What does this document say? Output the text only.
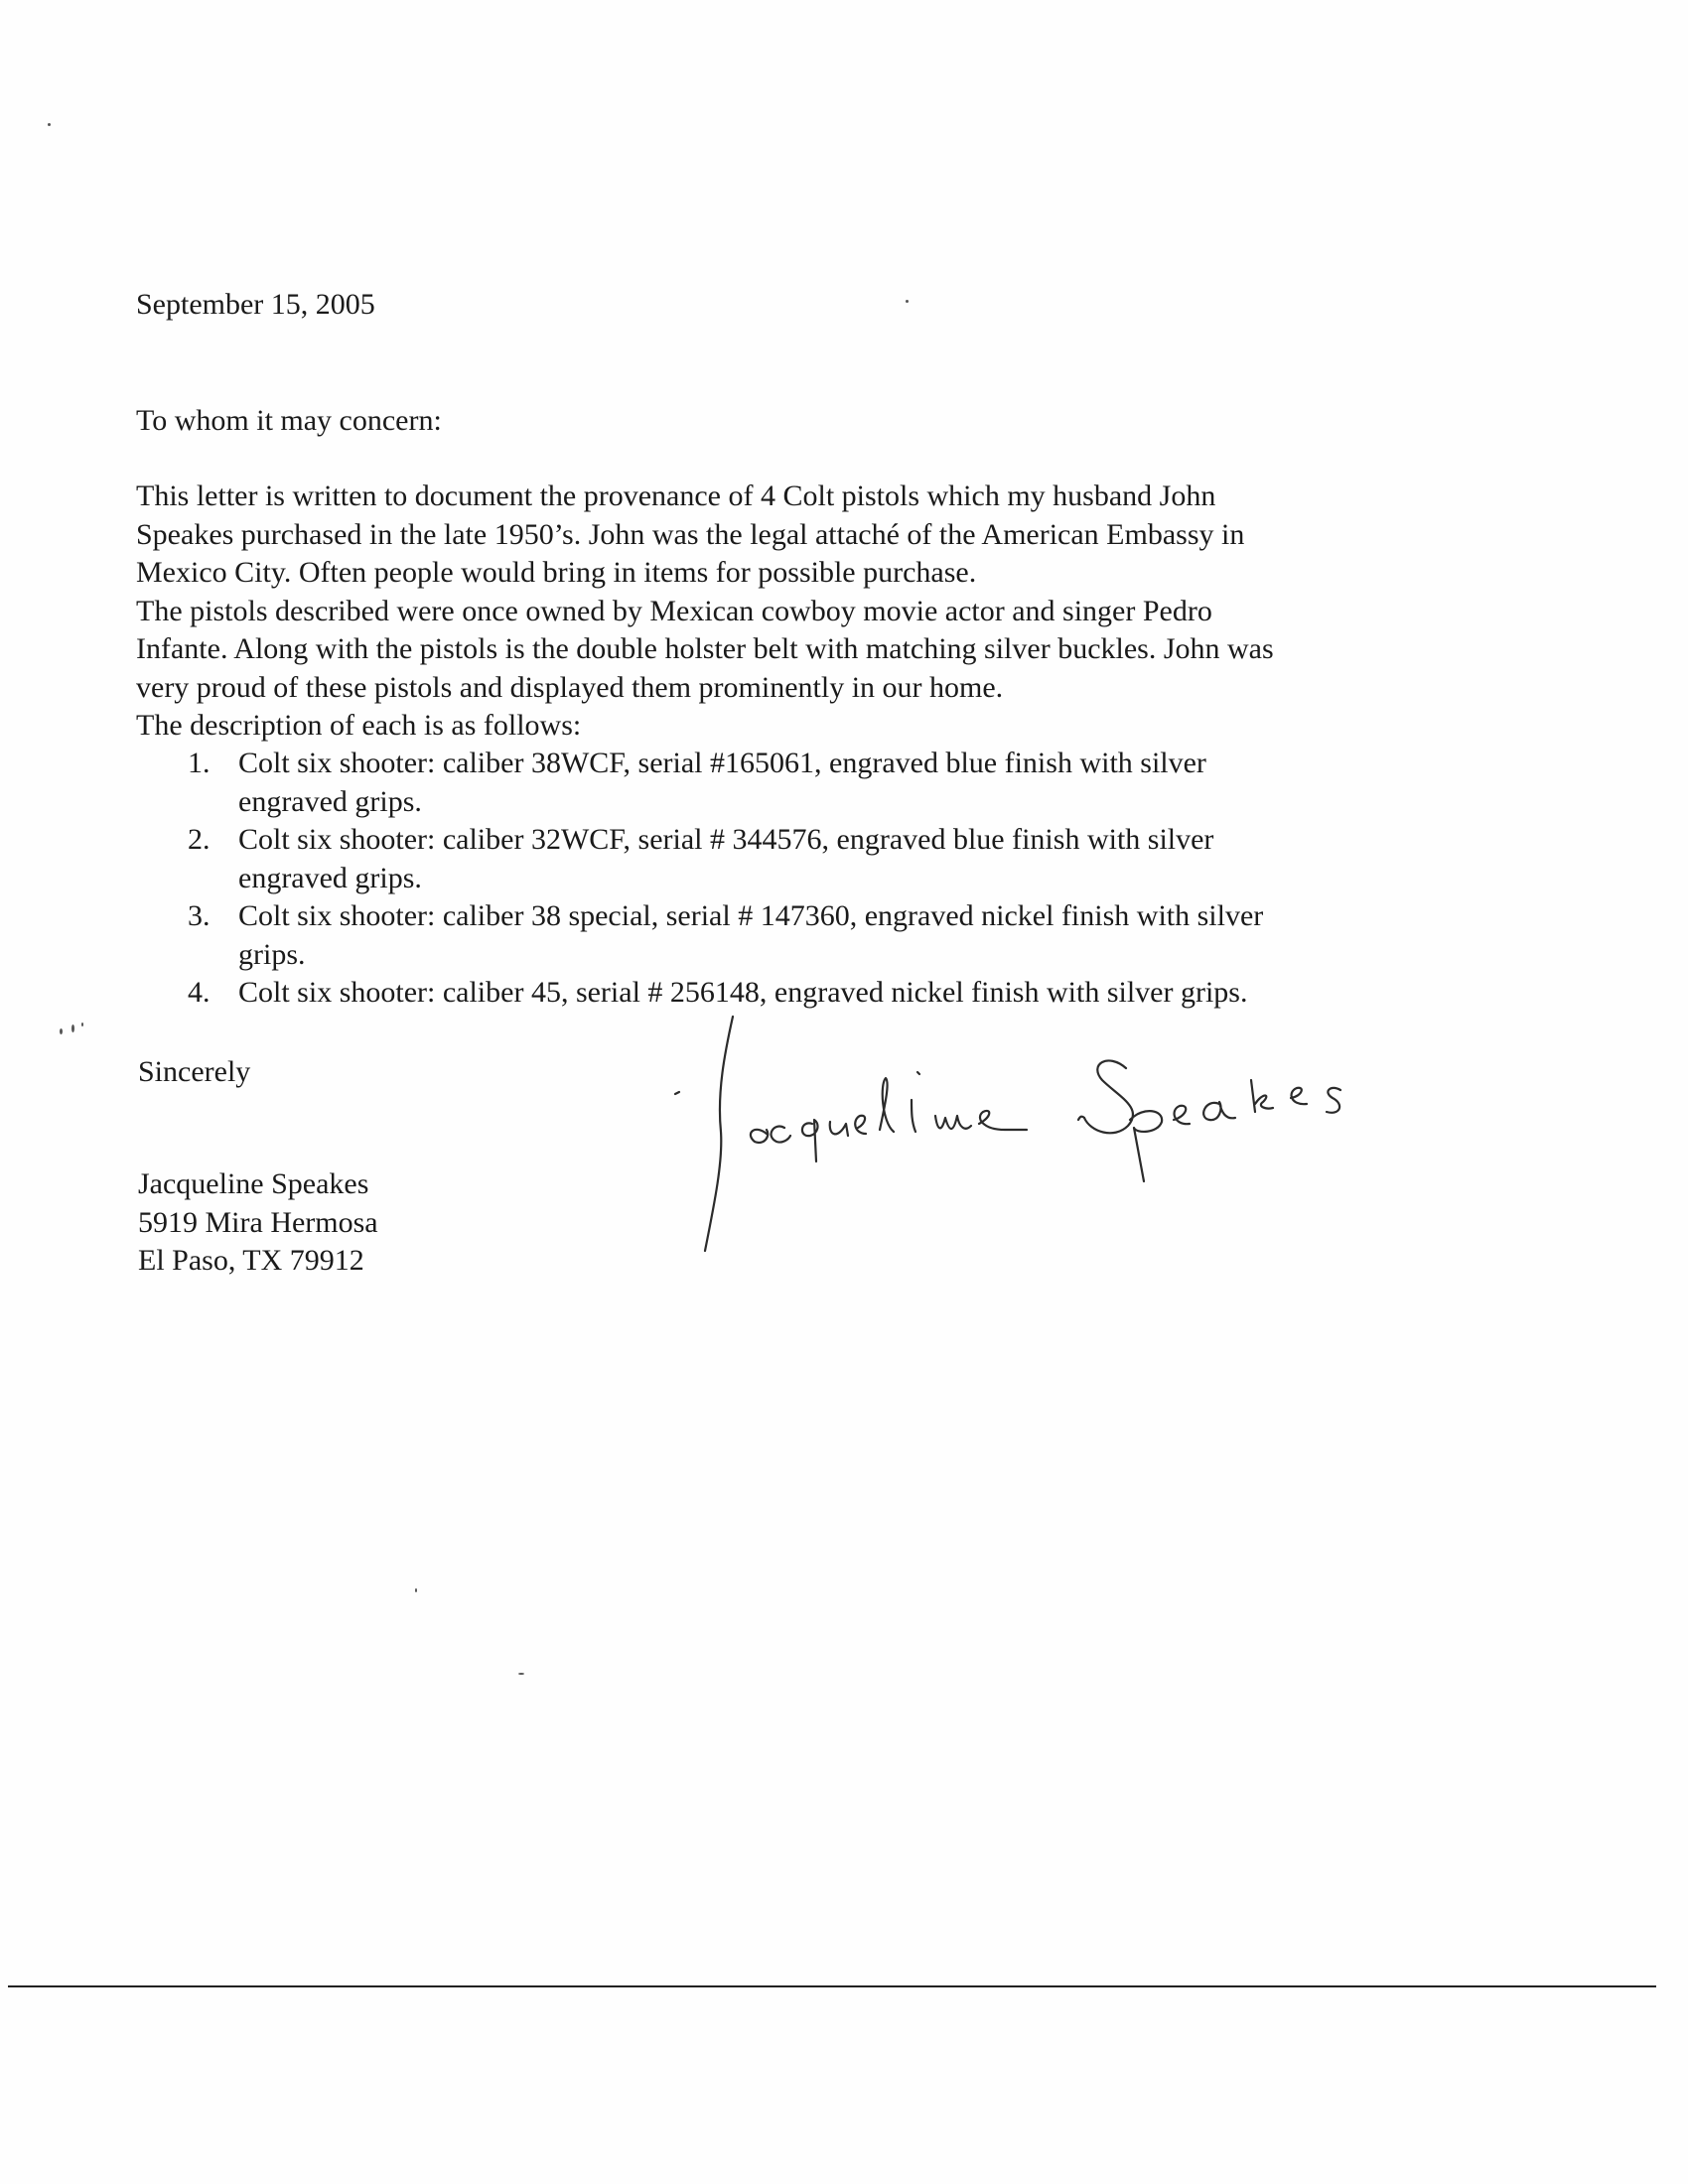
September 15, 2005
To whom it may concern:

This letter is written to document the provenance of 4 Colt pistols which my husband John

Speakes purchased in the late 1950’s. John was the legal attaché of the American Embassy in

Mexico City. Often people would bring in items for possible purchase.

The pistols described were once owned by Mexican cowboy movie actor and singer Pedro

Infante. Along with the pistols is the double holster belt with matching silver buckles. John was

very proud of these pistols and displayed them prominently in our home.

The description of each is as follows:

1. Colt six shooter: caliber 38WCF, serial #165061, engraved blue finish with silver
engraved grips.
2. Colt six shooter: caliber 32WCF, serial # 344576, engraved blue finish with silver
engraved grips.
3. Colt six shooter: caliber 38 special, serial # 147360, engraved nickel finish with silver
grips.
4. Colt six shooter: caliber 45, serial # 256148, engraved nickel finish with silver grips.
Sincerely
Jacqueline Speakes
5919 Mira Hermosa
El Paso, TX 79912
